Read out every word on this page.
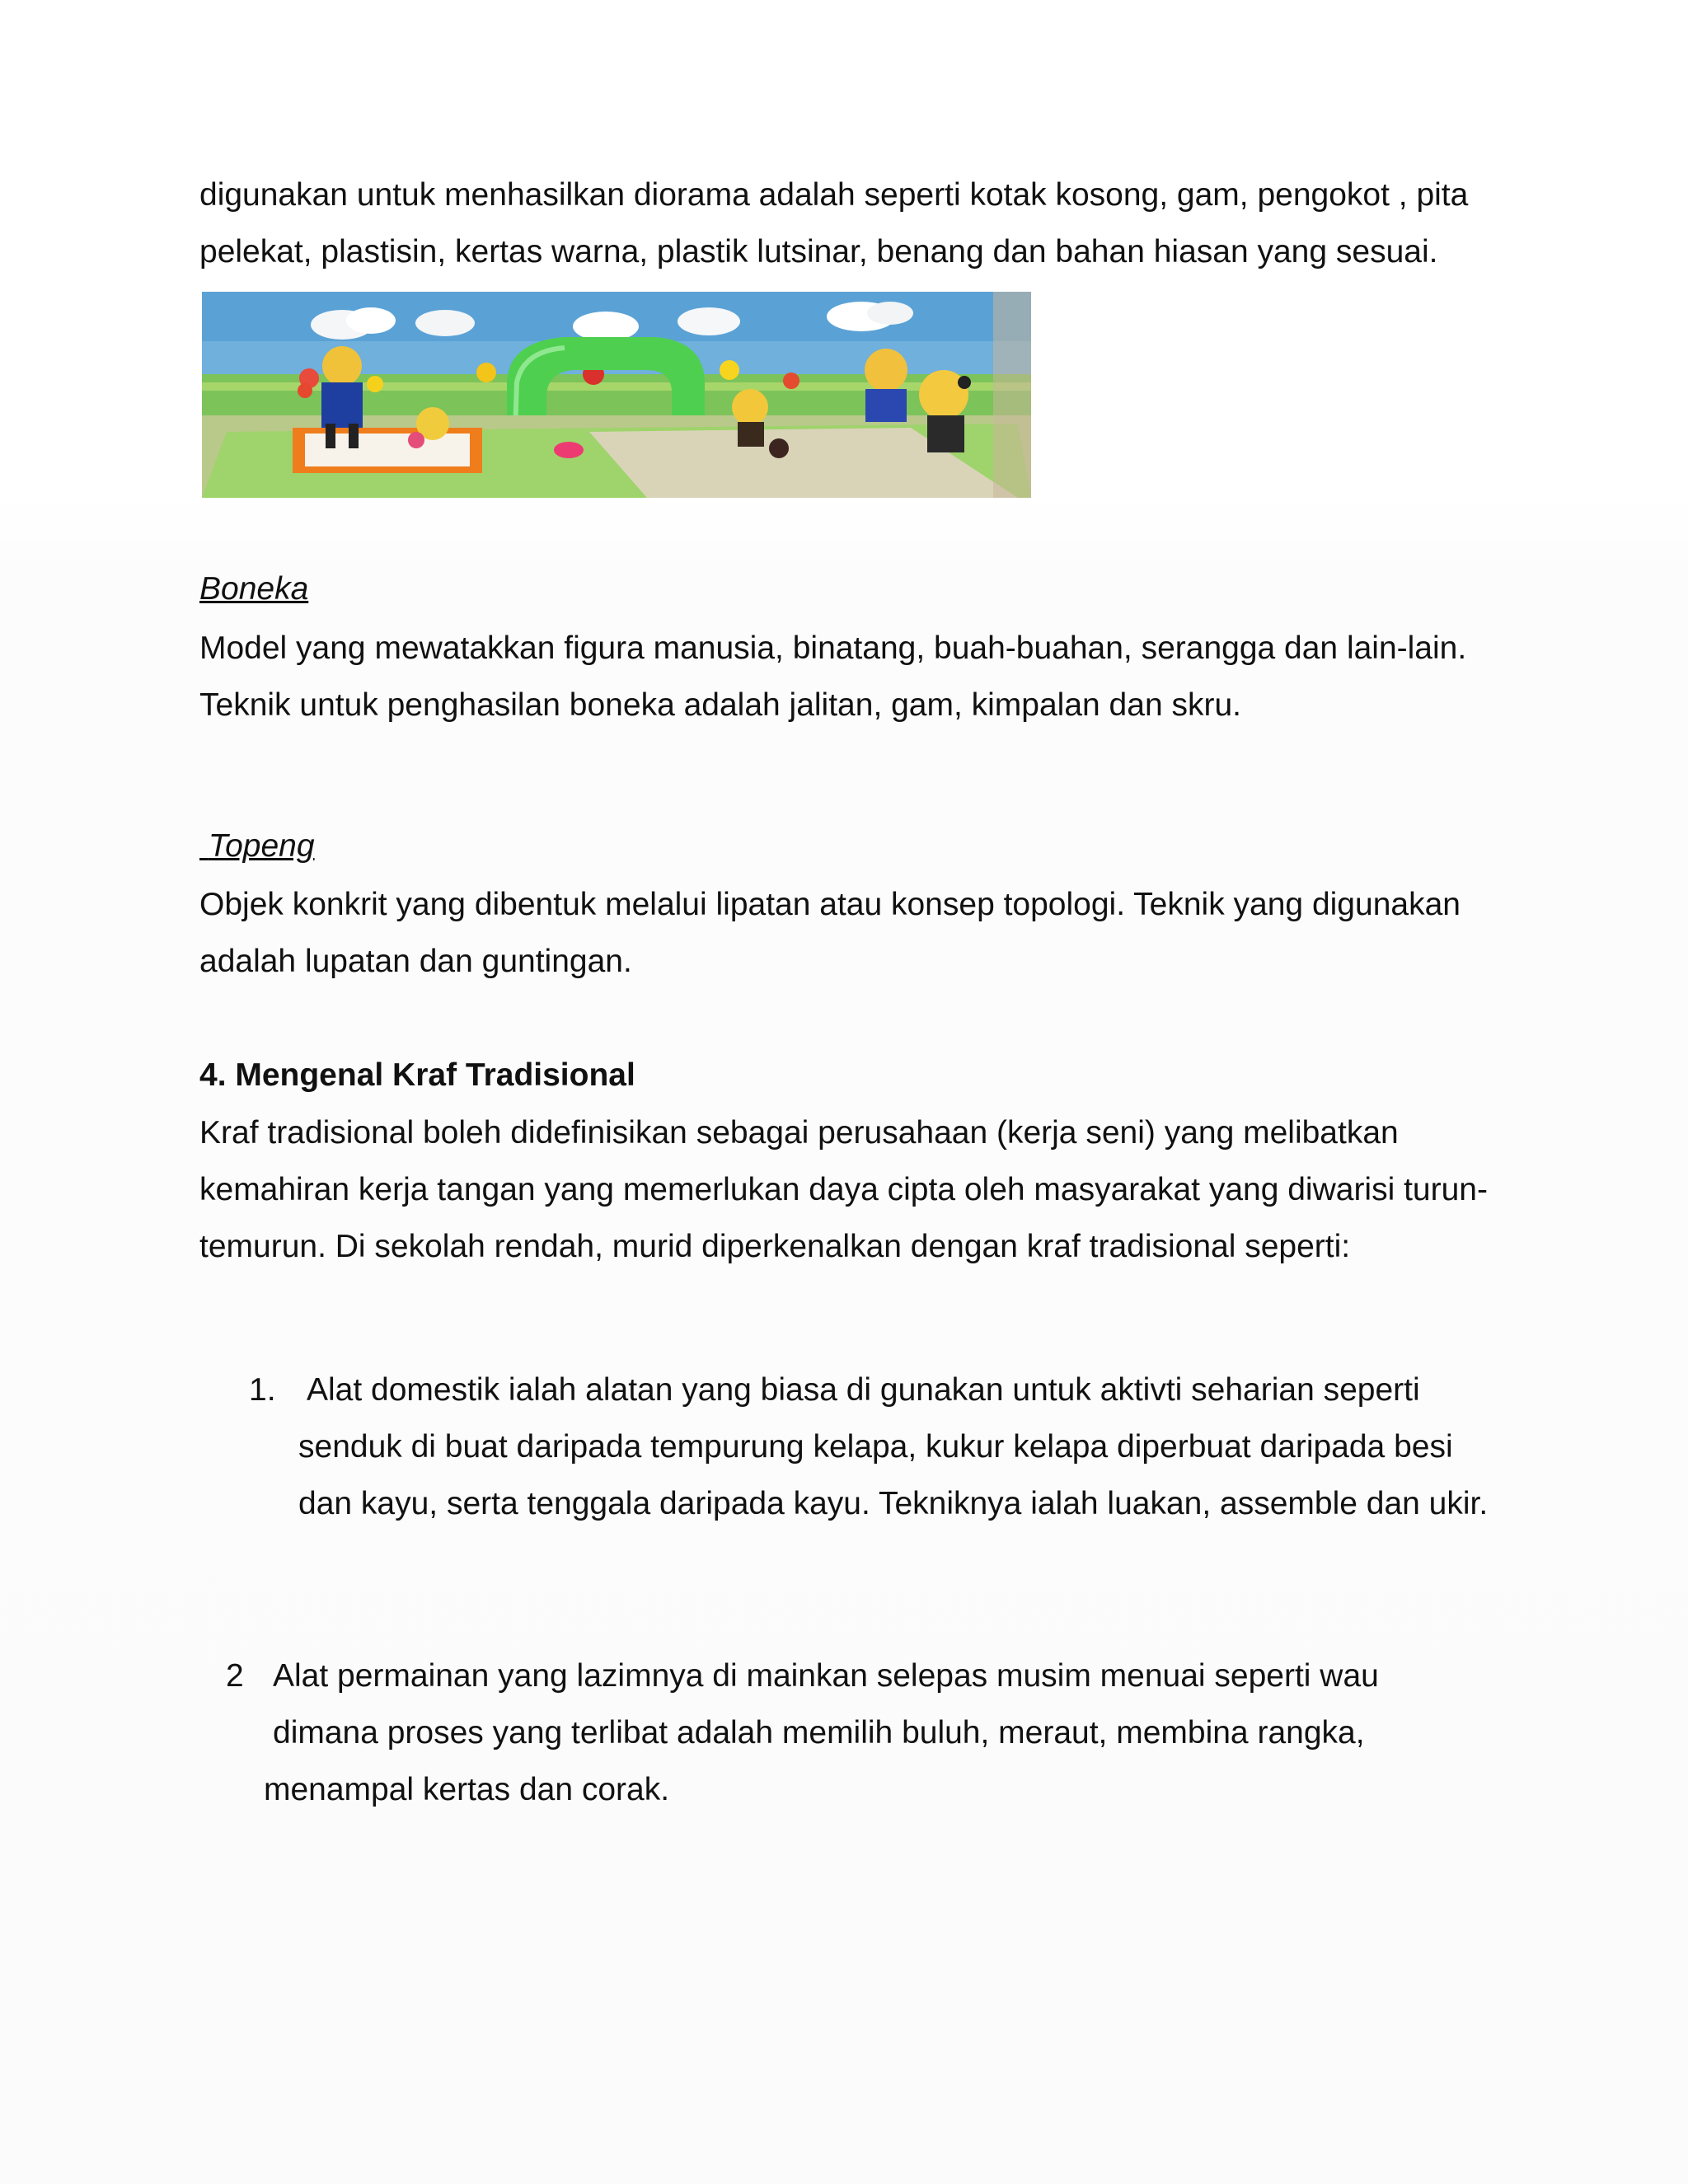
digunakan untuk menhasilkan diorama adalah seperti kotak kosong, gam, pengokot , pita
pelekat, plastisin, kertas warna, plastik lutsinar, benang dan bahan hiasan yang sesuai.
Boneka
Model yang mewatakkan figura manusia, binatang, buah-buahan, serangga dan lain-lain.
Teknik untuk penghasilan boneka adalah jalitan, gam, kimpalan dan skru.
Topeng
Objek konkrit yang dibentuk melalui lipatan atau konsep topologi. Teknik yang digunakan
adalah lupatan dan guntingan.
4. Mengenal Kraf Tradisional
Kraf tradisional boleh didefinisikan sebagai perusahaan (kerja seni) yang melibatkan
kemahiran kerja tangan yang memerlukan daya cipta oleh masyarakat yang diwarisi turun-
temurun. Di sekolah rendah, murid diperkenalkan dengan kraf tradisional seperti:
1. Alat domestik ialah alatan yang biasa di gunakan untuk aktivti seharian seperti
senduk di buat daripada tempurung kelapa, kukur kelapa diperbuat daripada besi
dan kayu, serta tenggala daripada kayu. Tekniknya ialah luakan, assemble dan ukir.
2 Alat permainan yang lazimnya di mainkan selepas musim menuai seperti wau
dimana proses yang terlibat adalah memilih buluh, meraut, membina rangka,
menampal kertas dan corak.
